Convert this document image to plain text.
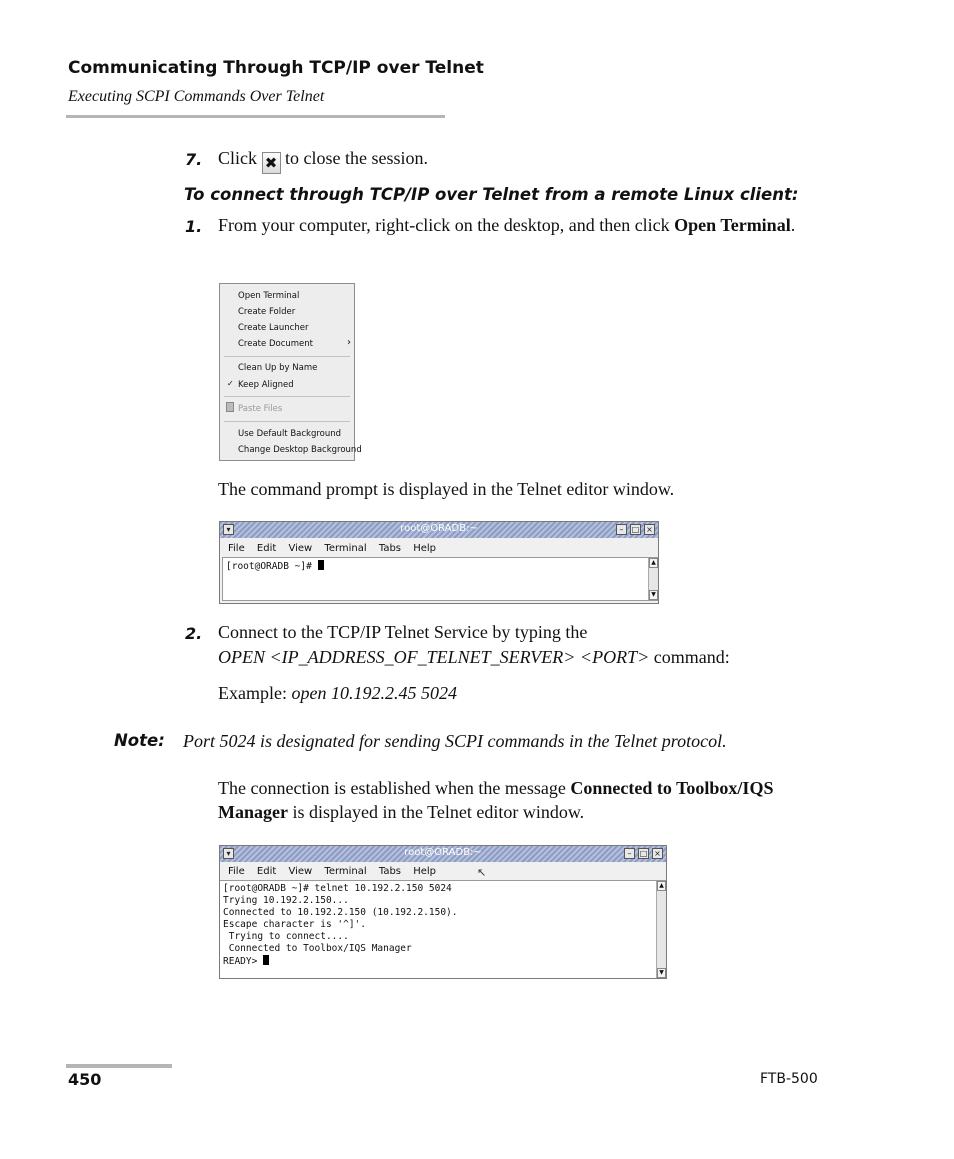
Communicating Through TCP/IP over Telnet
Executing SCPI Commands Over Telnet
7. Click ✖ to close the session.
To connect through TCP/IP over Telnet from a remote Linux client:
1. From your computer, right-click on the desktop, and then click Open Terminal.
Open Terminal
Create Folder
Create Launcher
Create Document	›
Clean Up by Name
✓ Keep Aligned
Paste Files
Use Default Background
Change Desktop Background
The command prompt is displayed in the Telnet editor window.
▾	root@ORADB:~	–	□ ×
File Edit View Terminal Tabs Help
[root@ORADB ~]#	▲
▼
2. Connect to the TCP/IP Telnet Service by typing the
OPEN <IP_ADDRESS_OF_TELNET_SERVER> <PORT> command:
Example: open 10.192.2.45 5024
Note: Port 5024 is designated for sending SCPI commands in the Telnet protocol.
The connection is established when the message Connected to Toolbox/IQS Manager is displayed in the Telnet editor window.
▾	root@ORADB:~	–	□ ×
File Edit View Terminal Tabs Help	↖
[root@ORADB ~]# telnet 10.192.2.150 5024
Trying 10.192.2.150...
Connected to 10.192.2.150 (10.192.2.150).
Escape character is '^]'.
Trying to connect....
Connected to Toolbox/IQS Manager
READY>
▲
▼
450	FTB-500
